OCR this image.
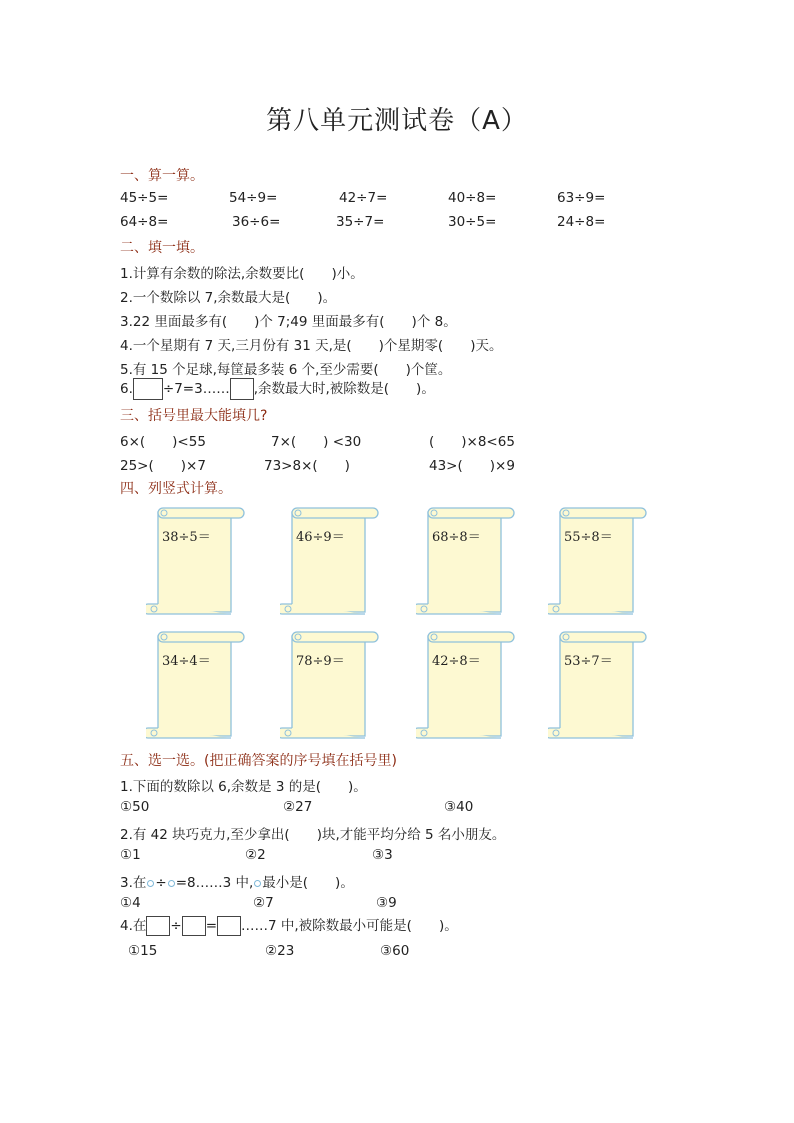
第八单元测试卷（A）
一、算一算。
45÷5=	54÷9=	42÷7=	40÷8=	63÷9=
64÷8=	36÷6=	35÷7=	30÷5=	24÷8=
二、填一填。
1.计算有余数的除法,余数要比(　　)小。
2.一个数除以 7,余数最大是(　　)。
3.22 里面最多有(　　)个 7;49 里面最多有(　　)个 8。
4.一个星期有 7 天,三月份有 31 天,是(　　)个星期零(　　)天。
5.有 15 个足球,每筐最多装 6 个,至少需要(　　)个筐。
6. ÷7=3…… ,余数最大时,被除数是(　　)。
三、括号里最大能填几?
6×(　　)<55	7×(　　) <30	(　　)×8<65
25>(　　)×7	73>8×(　　)	43>(　　)×9
四、列竖式计算。
38÷5＝	46÷9＝	68÷8＝	55÷8＝
34÷4＝	78÷9＝	42÷8＝	53÷7＝
五、选一选。(把正确答案的序号填在括号里)
1.下面的数除以 6,余数是 3 的是(　　)。
①50	②27	③40
2.有 42 块巧克力,至少拿出(　　)块,才能平均分给 5 名小朋友。
①1	②2	③3
3.在 ÷ =8……3 中, 最小是(　　)。
①4	②7	③9
4.在 ÷ = ……7 中,被除数最小可能是(　　)。
①15	②23	③60
